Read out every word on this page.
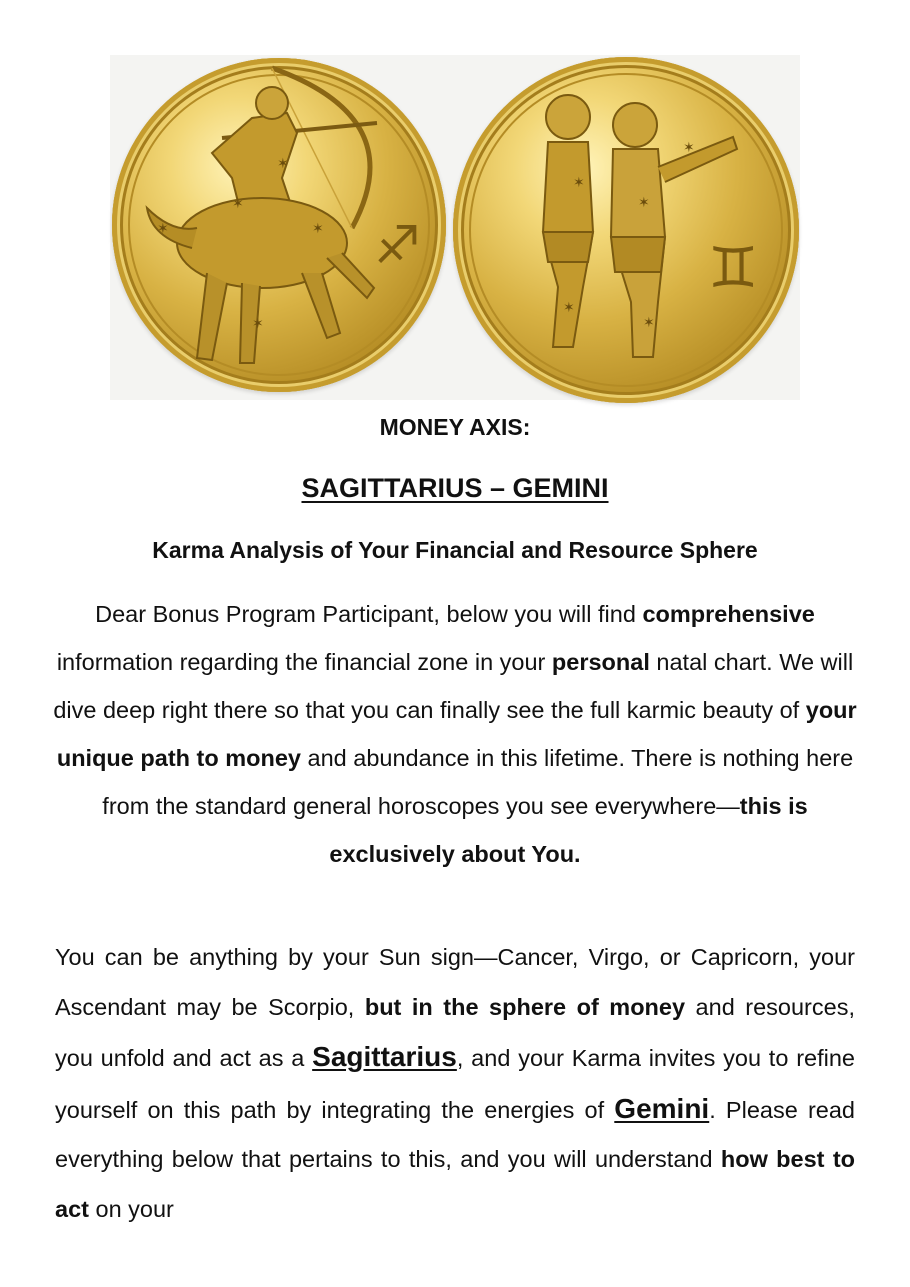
♐
✶
✶
✶
✶
✶
♊
✶
✶
✶
✶
✶
MONEY AXIS:
SAGITTARIUS – GEMINI
Karma Analysis of Your Financial and Resource Sphere

Dear Bonus Program Participant, below you will find comprehensive information regarding the financial zone in your personal natal chart. We will dive deep right there so that you can finally see the full karmic beauty of your unique path to money and abundance in this lifetime. There is nothing here from the standard general horoscopes you see everywhere—this is exclusively about You.

You can be anything by your Sun sign—Cancer, Virgo, or Capricorn, your Ascendant may be Scorpio, but in the sphere of money and resources, you unfold and act as a Sagittarius, and your Karma invites you to refine yourself on this path by integrating the energies of Gemini. Please read everything below that pertains to this, and you will understand how best to act on your
